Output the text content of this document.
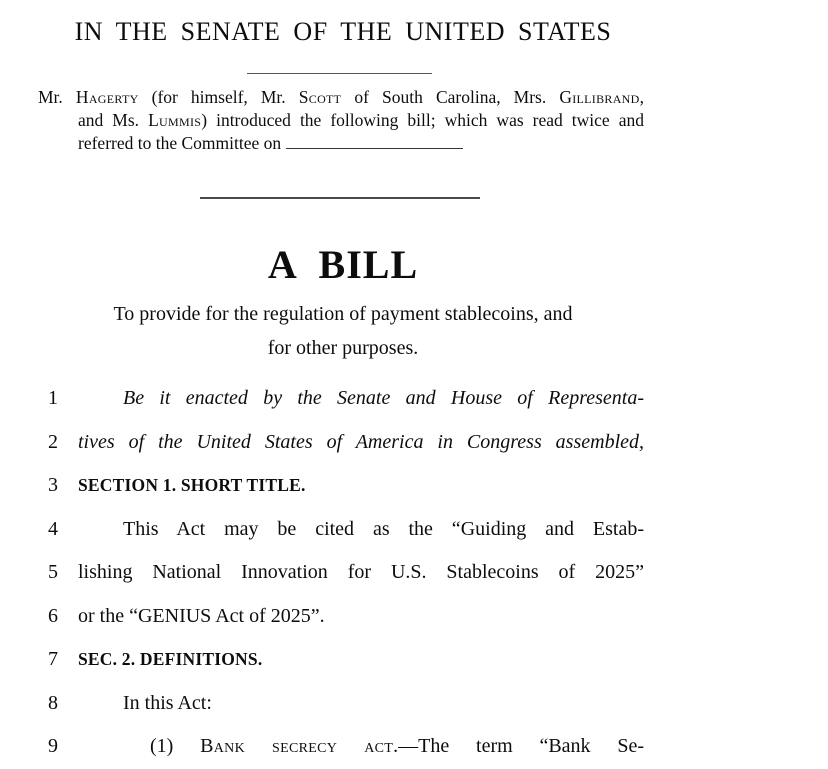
IN THE SENATE OF THE UNITED STATES
Mr. Hagerty (for himself, Mr. Scott of South Carolina, Mrs. Gillibrand,
and Ms. Lummis) introduced the following bill; which was read twice and
referred to the Committee on
A BILL
To provide for the regulation of payment stablecoins, and
for other purposes.
1	Be it enacted by the Senate and House of Representa-
2	tives of the United States of America in Congress assembled,
3	SECTION 1. SHORT TITLE.
4	This Act may be cited as the “Guiding and Estab-
5	lishing National Innovation for U.S. Stablecoins of 2025”
6	or the “GENIUS Act of 2025”.
7	SEC. 2. DEFINITIONS.
8	In this Act:
9	(1) Bank secrecy act.—The term “Bank Se-
